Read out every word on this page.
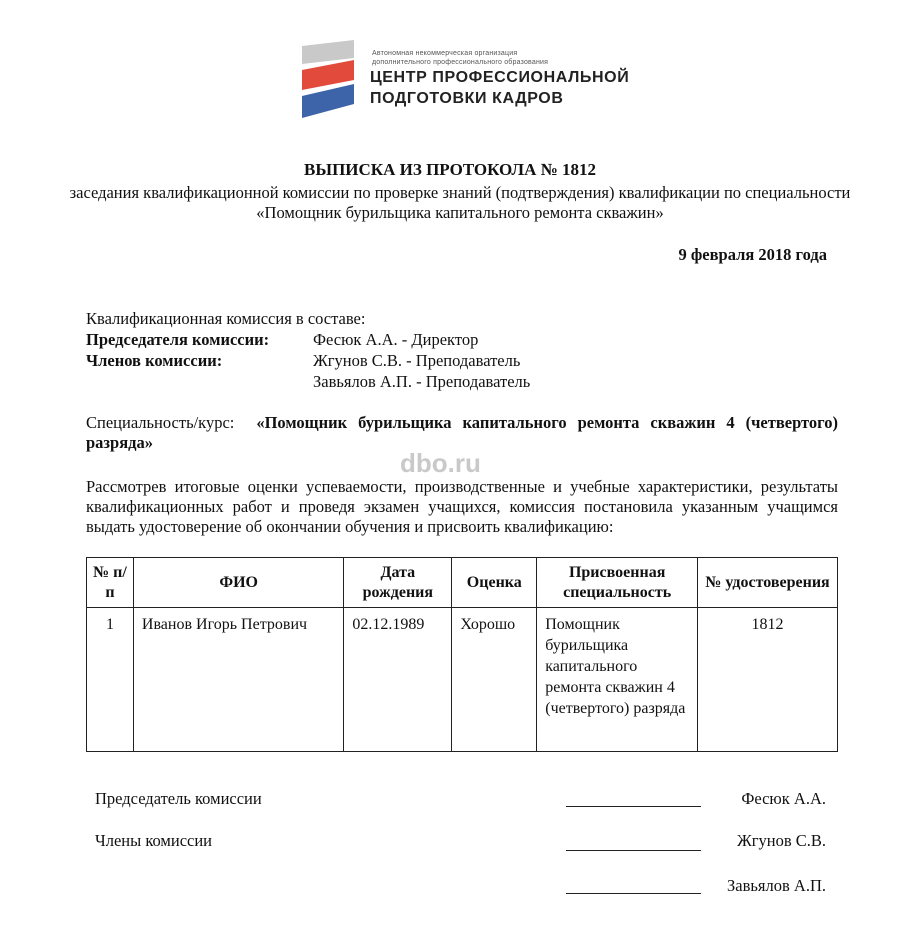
Автономная некоммерческая организация
дополнительного профессионального образования
ЦЕНТР ПРОФЕССИОНАЛЬНОЙ
ПОДГОТОВКИ КАДРОВ
ВЫПИСКА ИЗ ПРОТОКОЛА № 1812
заседания квалификационной комиссии по проверке знаний (подтверждения) квалификации по специальности «Помощник бурильщика капитального ремонта скважин»
9 февраля 2018 года
Квалификационная комиссия в составе:
Председателя комиссии:	Фесюк А.А. - Директор
Членов комиссии:	Жгунов С.В. - Преподаватель
Завьялов А.П. - Преподаватель
Специальность/курс: «Помощник бурильщика капитального ремонта скважин 4 (четвертого) разряда»
dbo.ru
Рассмотрев итоговые оценки успеваемости, производственные и учебные характеристики, результаты квалификационных работ и проведя экзамен учащихся, комиссия постановила указанным учащимся выдать удостоверение об окончании обучения и присвоить квалификацию:
№ п/п	ФИО	Дата рождения	Оценка	Присвоенная специальность	№ удостоверения
1	Иванов Игорь Петрович	02.12.1989	Хорошо	Помощник бурильщика капитального ремонта скважин 4 (четвертого) разряда	1812
Председатель комиссии	Фесюк А.А.
Члены комиссии	Жгунов С.В.
Завьялов А.П.
